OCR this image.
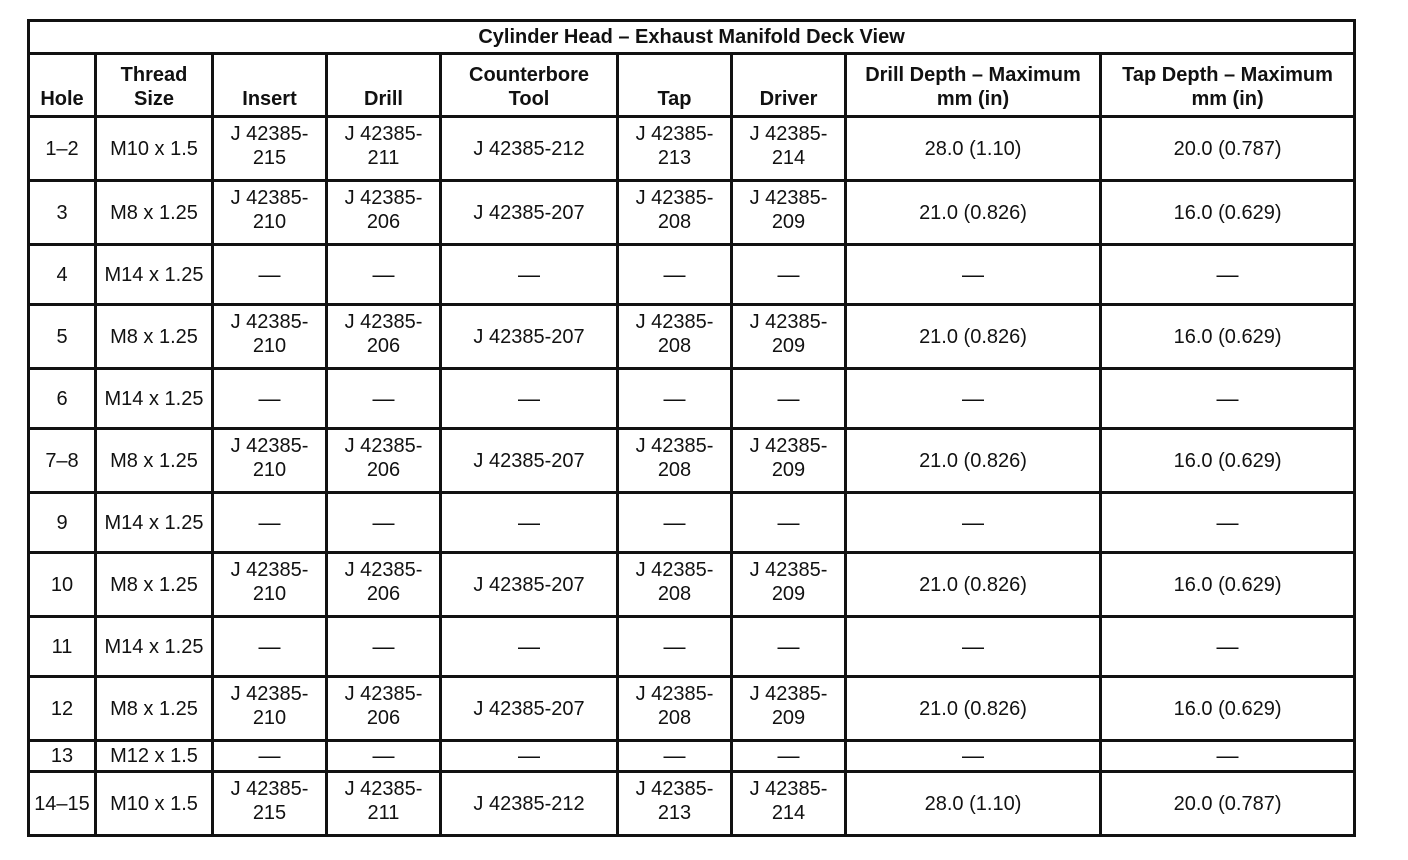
Cylinder Head – Exhaust Manifold Deck View								
Hole	Thread Size	Insert	Drill	Counterbore Tool	Tap	Driver	Drill Depth – Maximum mm (in)	Tap Depth – Maximum mm (in)
1–2	M10 x 1.5	J 42385-215	J 42385-211	J 42385-212	J 42385-213	J 42385-214	28.0 (1.10)	20.0 (0.787)
3	M8 x 1.25	J 42385-210	J 42385-206	J 42385-207	J 42385-208	J 42385-209	21.0 (0.826)	16.0 (0.629)
4	M14 x 1.25	—	—	—	—	—	—	—
5	M8 x 1.25	J 42385-210	J 42385-206	J 42385-207	J 42385-208	J 42385-209	21.0 (0.826)	16.0 (0.629)
6	M14 x 1.25	—	—	—	—	—	—	—
7–8	M8 x 1.25	J 42385-210	J 42385-206	J 42385-207	J 42385-208	J 42385-209	21.0 (0.826)	16.0 (0.629)
9	M14 x 1.25	—	—	—	—	—	—	—
10	M8 x 1.25	J 42385-210	J 42385-206	J 42385-207	J 42385-208	J 42385-209	21.0 (0.826)	16.0 (0.629)
11	M14 x 1.25	—	—	—	—	—	—	—
12	M8 x 1.25	J 42385-210	J 42385-206	J 42385-207	J 42385-208	J 42385-209	21.0 (0.826)	16.0 (0.629)
13	M12 x 1.5	—	—	—	—	—	—	—
14–15	M10 x 1.5	J 42385-215	J 42385-211	J 42385-212	J 42385-213	J 42385-214	28.0 (1.10)	20.0 (0.787)
